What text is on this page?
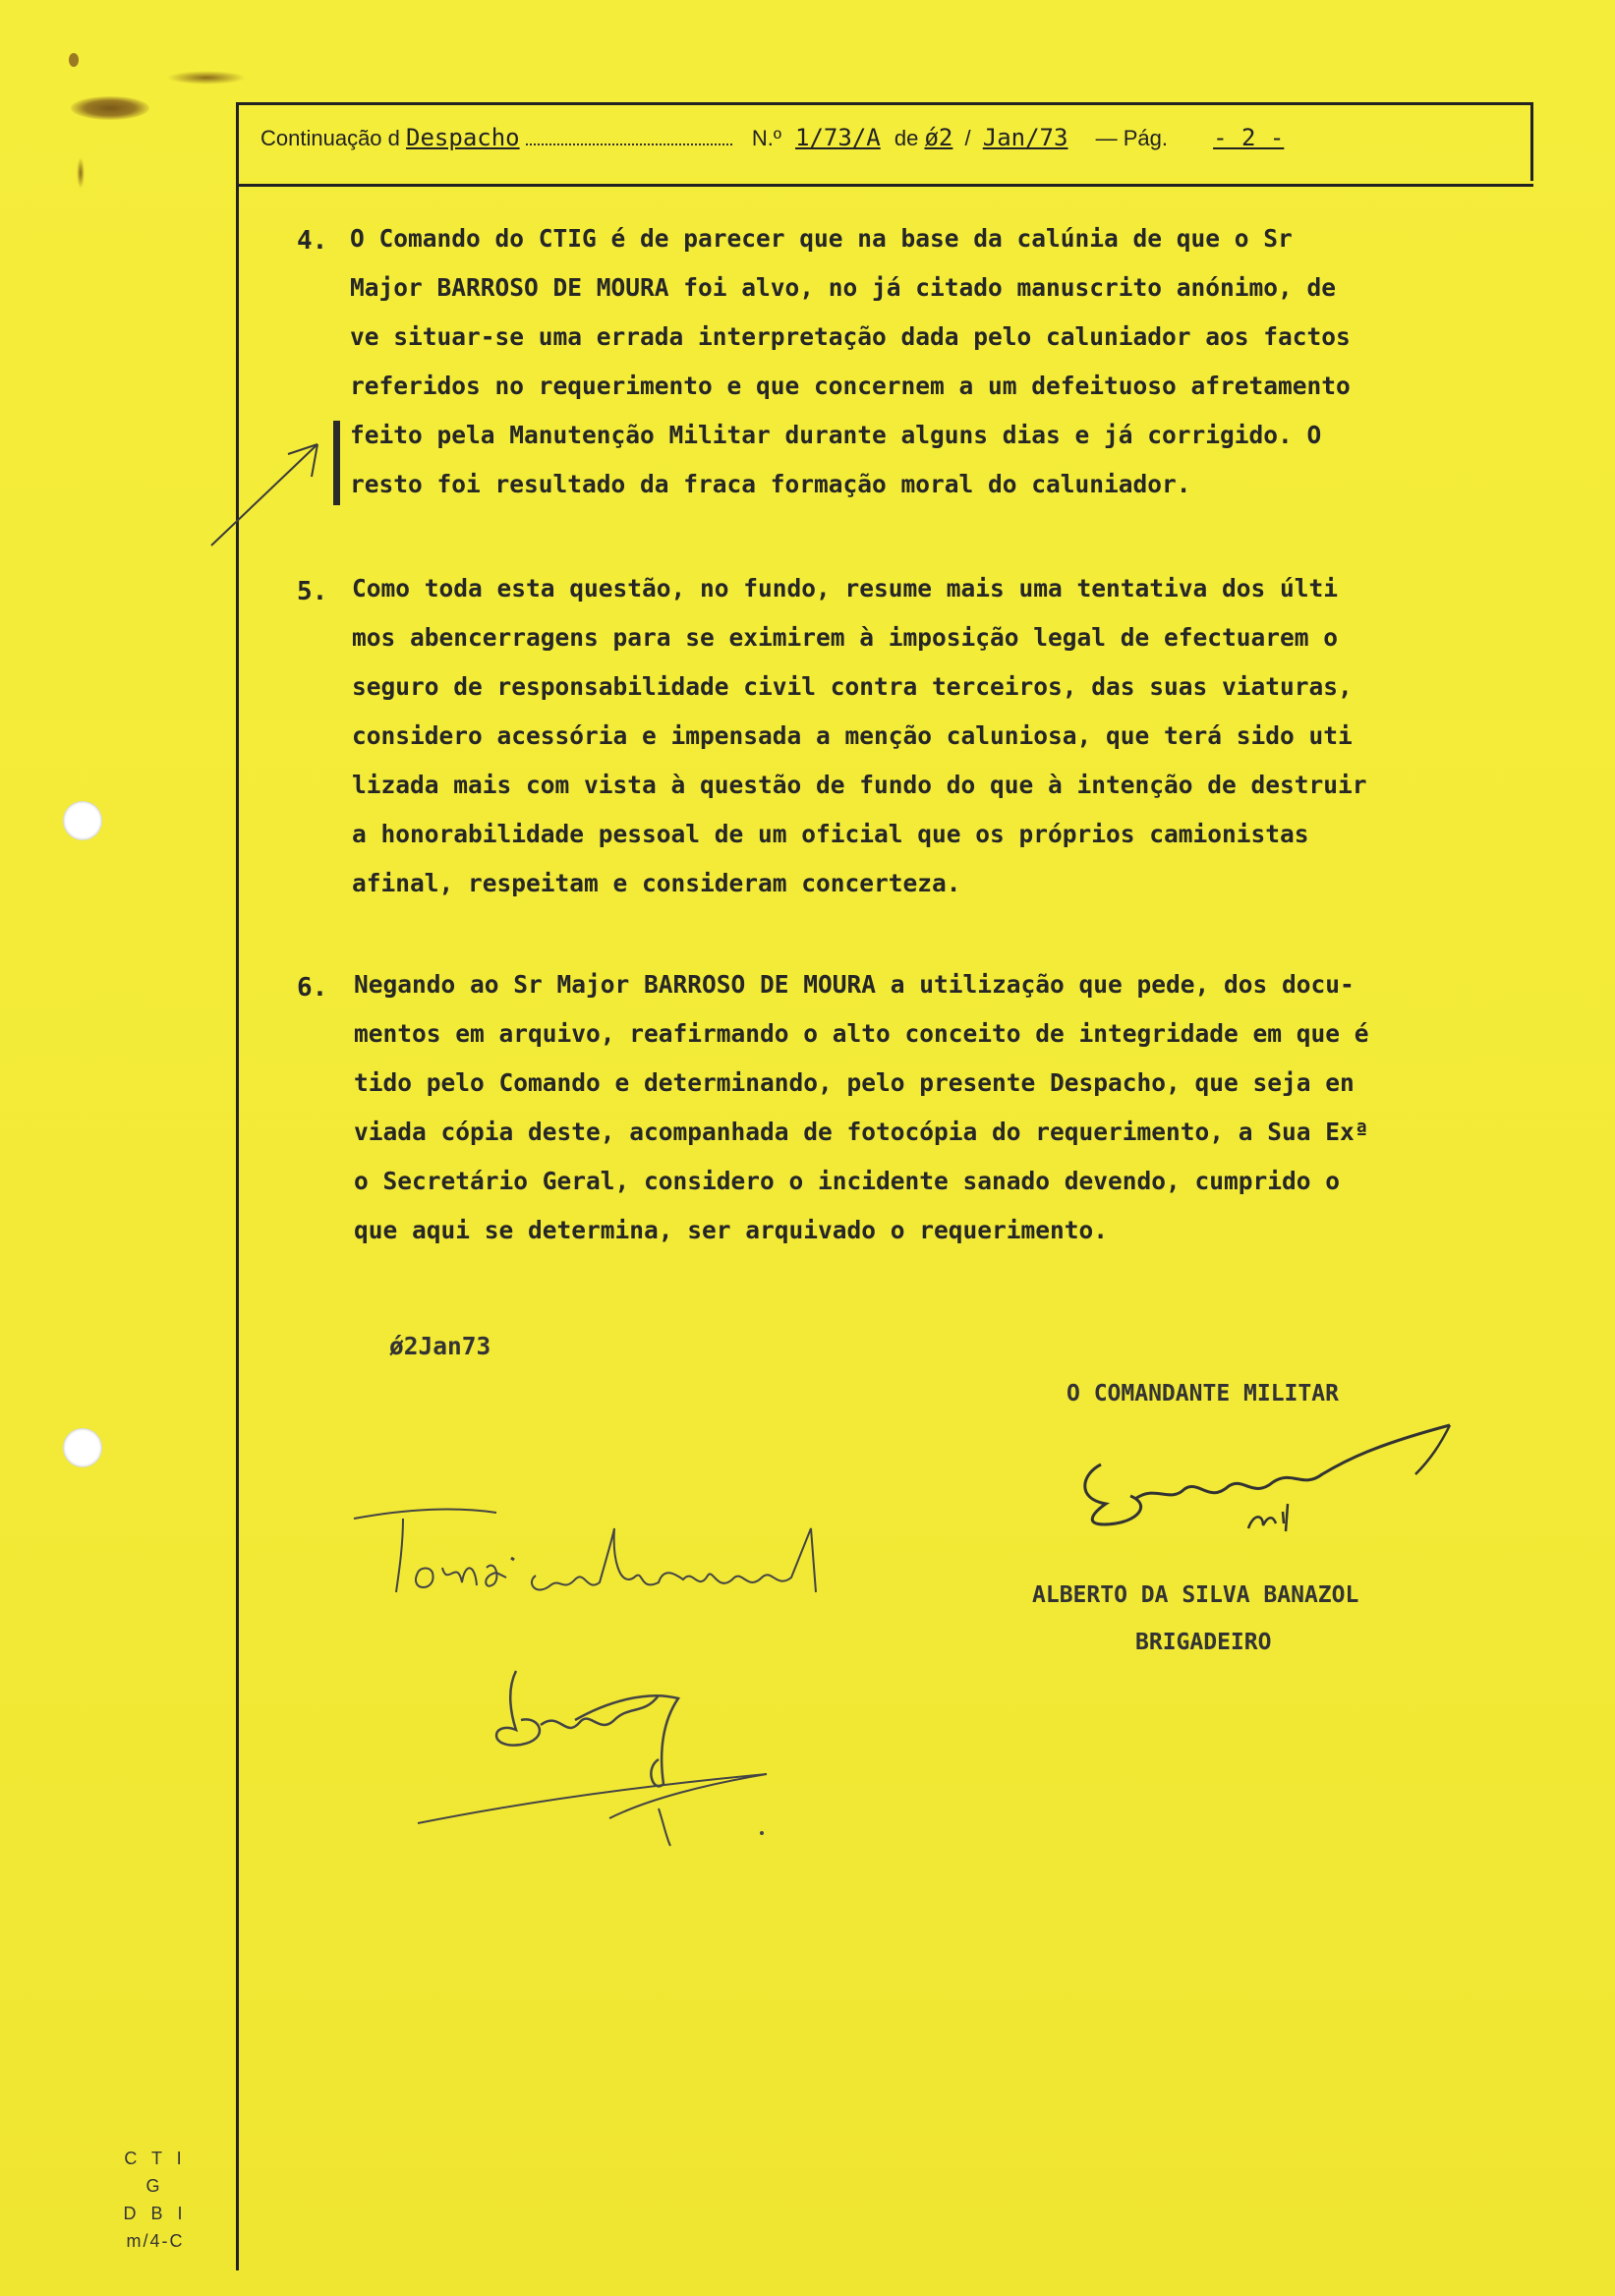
Continuação d Despacho	N.º 1/73/A de ǿ2 / Jan/73 — Pág. - 2 -
4. O Comando do CTIG é de parecer que na base da calúnia de que o Sr
Major BARROSO DE MOURA foi alvo, no já citado manuscrito anónimo, de
ve situar-se uma errada interpretação dada pelo caluniador aos factos
referidos no requerimento e que concernem a um defeituoso afretamento
feito pela Manutenção Militar durante alguns dias e já corrigido. O
resto foi resultado da fraca formação moral do caluniador.
5. Como toda esta questão, no fundo, resume mais uma tentativa dos últi
mos abencerragens para se eximirem à imposição legal de efectuarem o
seguro de responsabilidade civil contra terceiros, das suas viaturas,
considero acessória e impensada a menção caluniosa, que terá sido uti
lizada mais com vista à questão de fundo do que à intenção de destruir
a honorabilidade pessoal de um oficial que os próprios camionistas
afinal, respeitam e consideram concerteza.
6. Negando ao Sr Major BARROSO DE MOURA a utilização que pede, dos docu-
mentos em arquivo, reafirmando o alto conceito de integridade em que é
tido pelo Comando e determinando, pelo presente Despacho, que seja en
viada cópia deste, acompanhada de fotocópia do requerimento, a Sua Exª
o Secretário Geral, considero o incidente sanado devendo, cumprido o
que aqui se determina, ser arquivado o requerimento.
ǿ2Jan73
O COMANDANTE MILITAR
ALBERTO DA SILVA BANAZOL
BRIGADEIRO
C T I G
D B I
m/4-C
